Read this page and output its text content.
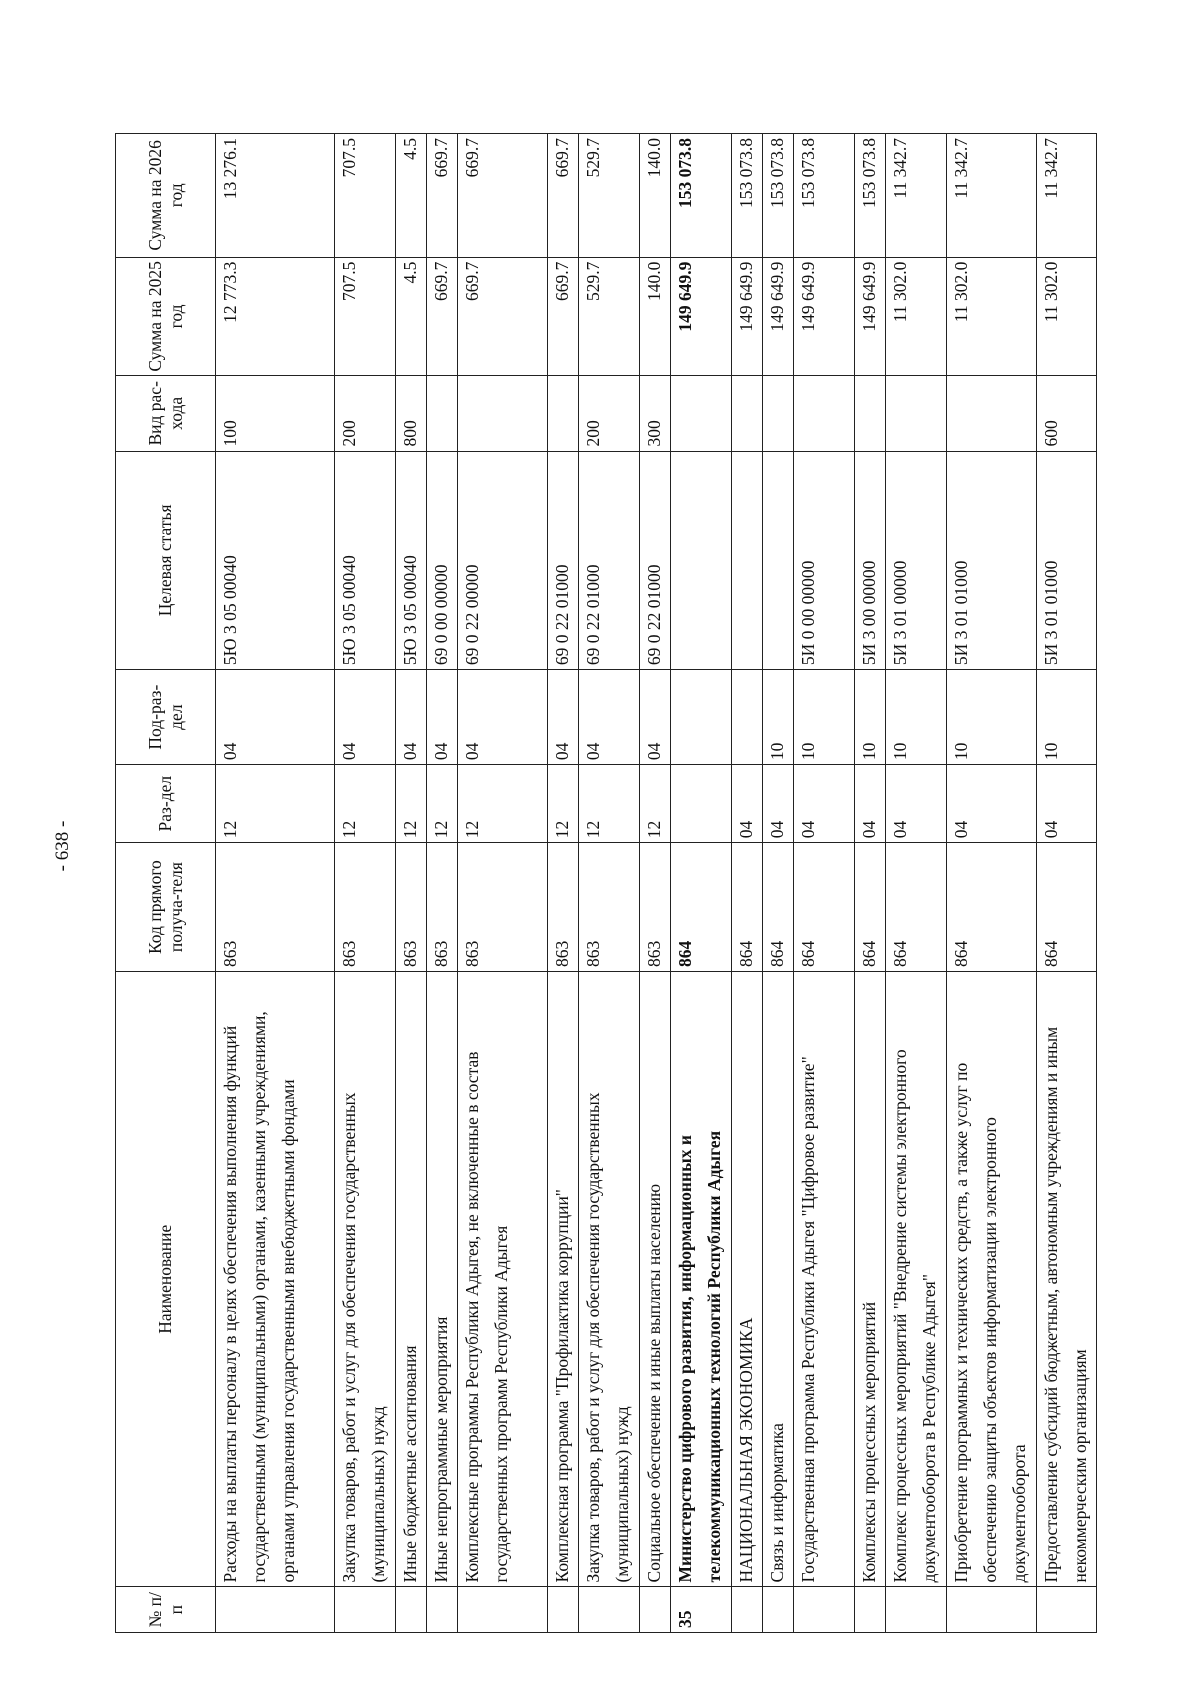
- 638 -
№ п/п	Наименование	Код прямого получа-теля	Раз-дел	Под-раз-дел	Целевая статья	Вид рас-хода	Сумма на 2025 год	Сумма на 2026 год
	Расходы на выплаты персоналу в целях обеспечения выполнения функций государственными (муниципальными) органами, казенными учреждениями, органами управления государственными внебюджетными фондами	863	12	04	5Ю 3 05 00040	100	12 773.3	13 276.1
	Закупка товаров, работ и услуг для обеспечения государственных (муниципальных) нужд	863	12	04	5Ю 3 05 00040	200	707.5	707.5
	Иные бюджетные ассигнования	863	12	04	5Ю 3 05 00040	800	4.5	4.5
	Иные непрограммные мероприятия	863	12	04	69 0 00 00000		669.7	669.7
	Комплексные программы Республики Адыгея, не включенные в состав государственных программ Республики Адыгея	863	12	04	69 0 22 00000		669.7	669.7
	Комплексная программа "Профилактика коррупции"	863	12	04	69 0 22 01000		669.7	669.7
	Закупка товаров, работ и услуг для обеспечения государственных (муниципальных) нужд	863	12	04	69 0 22 01000	200	529.7	529.7
	Социальное обеспечение и иные выплаты населению	863	12	04	69 0 22 01000	300	140.0	140.0
35	Министерство цифрового развития, информационных и телекоммуникационных технологий Республики Адыгея	864					149 649.9	153 073.8
	НАЦИОНАЛЬНАЯ ЭКОНОМИКА	864	04				149 649.9	153 073.8
	Связь и информатика	864	04	10			149 649.9	153 073.8
	Государственная программа Республики Адыгея "Цифровое развитие"	864	04	10	5И 0 00 00000		149 649.9	153 073.8
	Комплексы процессных мероприятий	864	04	10	5И 3 00 00000		149 649.9	153 073.8
	Комплекс процессных мероприятий "Внедрение системы электронного документооборота в Республике Адыгея"	864	04	10	5И 3 01 00000		11 302.0	11 342.7
	Приобретение программных и технических средств, а также услуг по обеспечению защиты объектов информатизации электронного документооборота	864	04	10	5И 3 01 01000		11 302.0	11 342.7
	Предоставление субсидий бюджетным, автономным учреждениям и иным некоммерческим организациям	864	04	10	5И 3 01 01000	600	11 302.0	11 342.7
